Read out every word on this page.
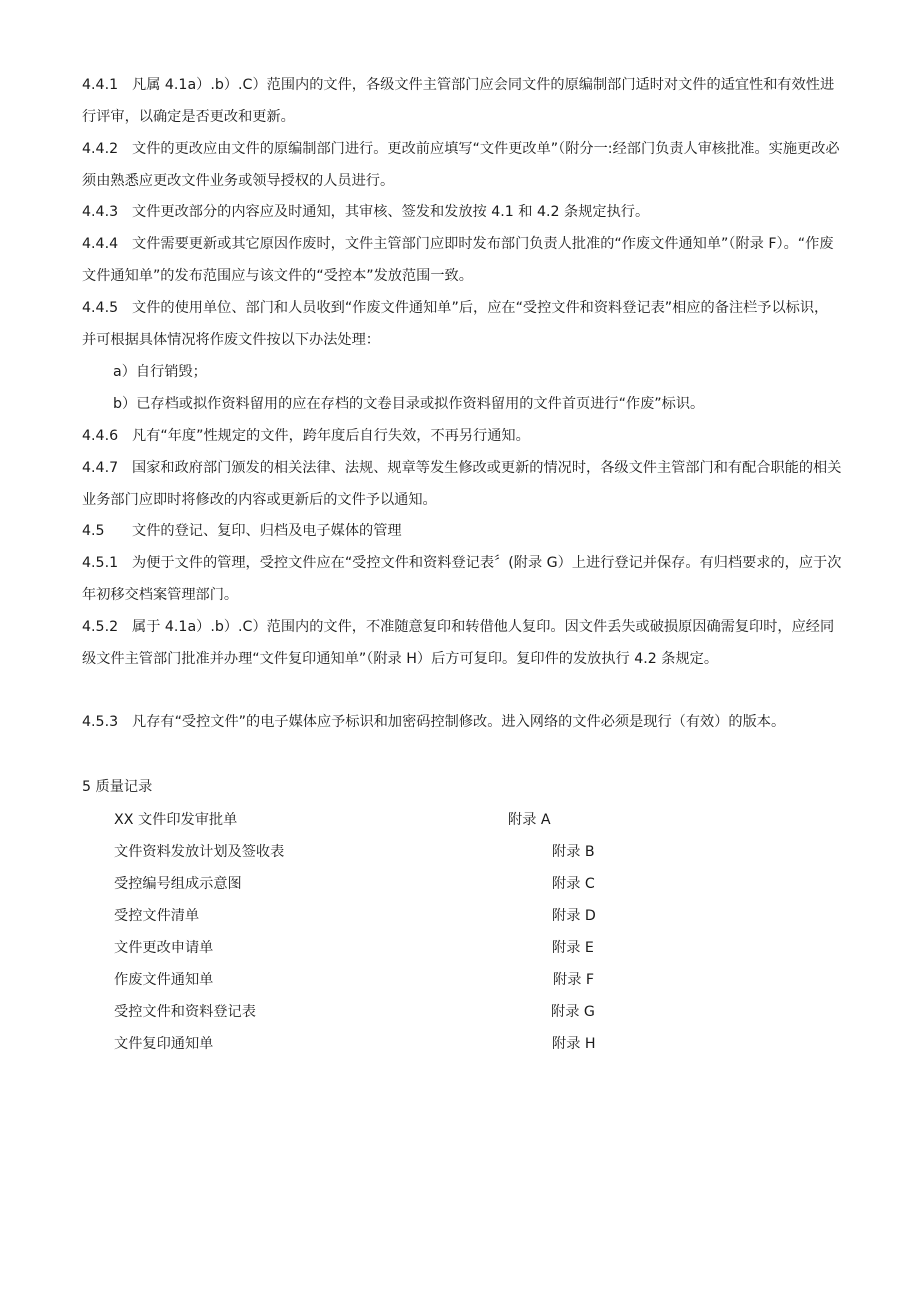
4.4.1 凡属 4.1a）.b）.C）范围内的文件，各级文件主管部门应会同文件的原编制部门适时对文件的适宜性和有效性进行评审，以确定是否更改和更新。

4.4.2 文件的更改应由文件的原编制部门进行。更改前应填写“文件更改单”（附分一:经部门负责人审核批准。实施更改必须由熟悉应更改文件业务或领导授权的人员进行。

4.4.3 文件更改部分的内容应及时通知，其审核、签发和发放按 4.1 和 4.2 条规定执行。

4.4.4 文件需要更新或其它原因作废时，文件主管部门应即时发布部门负责人批准的“作废文件通知单”（附录 F）。“作废文件通知单”的发布范围应与该文件的“受控本”发放范围一致。

4.4.5 文件的使用单位、部门和人员收到“作废文件通知单”后，应在“受控文件和资料登记表”相应的备注栏予以标识，并可根据具体情况将作废文件按以下办法处理：

a）自行销毁；

b）已存档或拟作资料留用的应在存档的文卷目录或拟作资料留用的文件首页进行“作废”标识。

4.4.6 凡有“年度”性规定的文件，跨年度后自行失效，不再另行通知。

4.4.7 国家和政府部门颁发的相关法律、法规、规章等发生修改或更新的情况时，各级文件主管部门和有配合职能的相关业务部门应即时将修改的内容或更新后的文件予以通知。

4.5 文件的登记、复印、归档及电子媒体的管理

4.5.1 为便于文件的管理，受控文件应在“受控文件和资料登记表〞(附录 G）上进行登记并保存。有归档要求的，应于次年初移交档案管理部门。

4.5.2 属于 4.1a）.b）.C）范围内的文件，不准随意复印和转借他人复印。因文件丢失或破损原因确需复印时，应经同级文件主管部门批准并办理“文件复印通知单”（附录 H）后方可复印。复印件的发放执行 4.2 条规定。

4.5.3 凡存有“受控文件”的电子媒体应予标识和加密码控制修改。进入网络的文件必须是现行（有效）的版本。

5 质量记录

XX 文件印发审批单	附录 A
文件资料发放计划及签收表	附录 B
受控编号组成示意图	附录 C
受控文件清单	附录 D
文件更改申请单	附录 E
作废文件通知单	附录 F
受控文件和资料登记表	附录 G
文件复印通知单	附录 H
